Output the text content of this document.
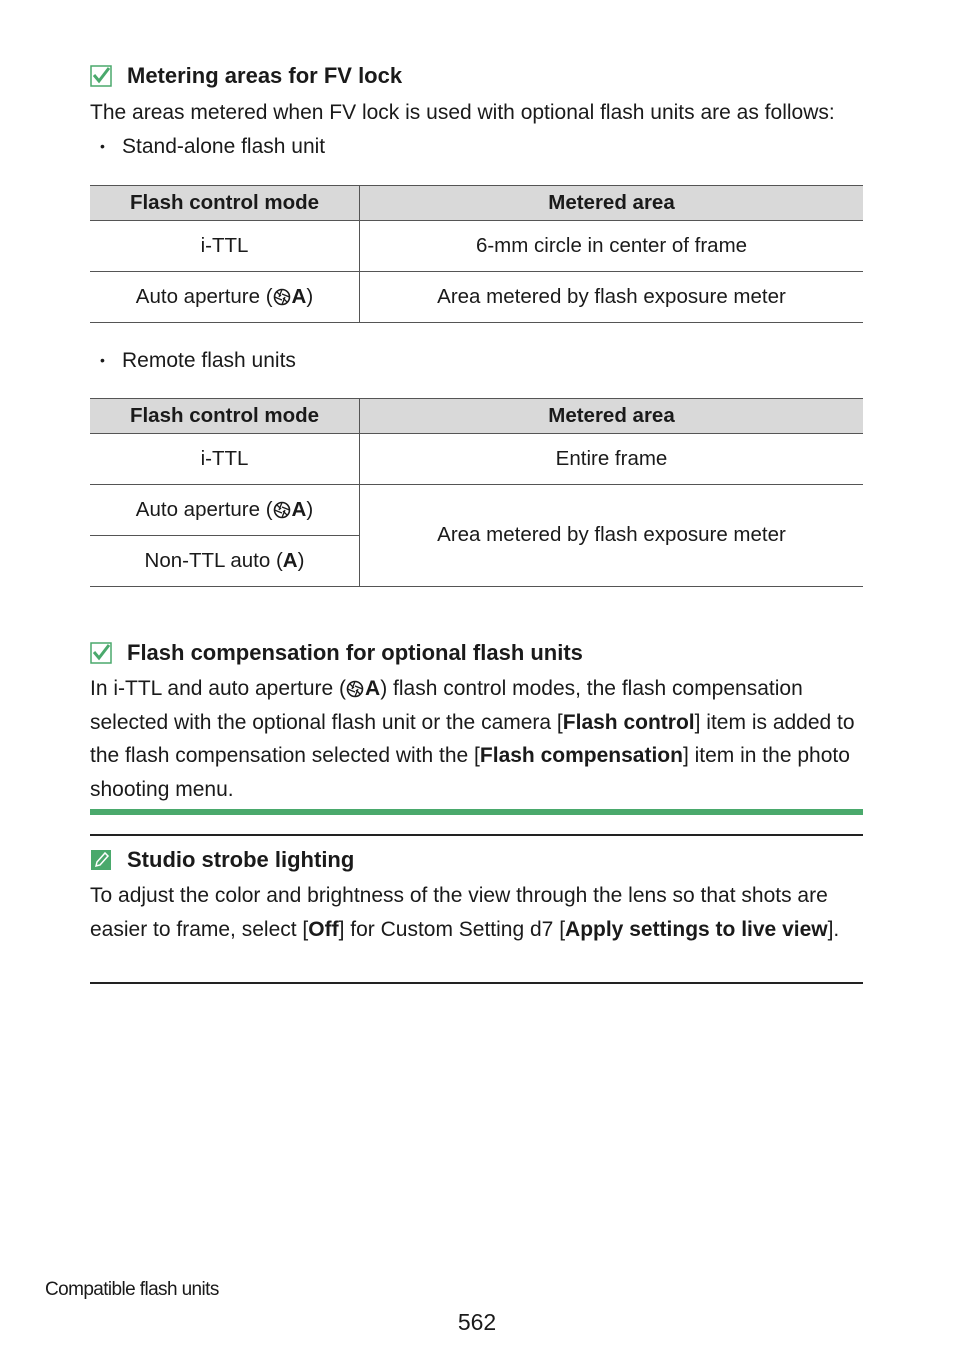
Metering areas for FV lock

The areas metered when FV lock is used with optional flash units are as follows:

• Stand-alone flash unit
Flash control mode	Metered area
i-TTL	6-mm circle in center of frame
Auto aperture ( A)	Area metered by flash exposure meter
• Remote flash units
Flash control mode	Metered area
i-TTL	Entire frame
Auto aperture ( A)	Area metered by flash exposure meter
Non-TTL auto (A)	
Flash compensation for optional flash units

In i-TTL and auto aperture ( A) flash control modes, the flash compensation selected with the optional flash unit or the camera [Flash control] item is added to the flash compensation selected with the [Flash compensation] item in the photo shooting menu.

Studio strobe lighting

To adjust the color and brightness of the view through the lens so that shots are easier to frame, select [Off] for Custom Setting d7 [Apply settings to live view].

Compatible flash units
562
